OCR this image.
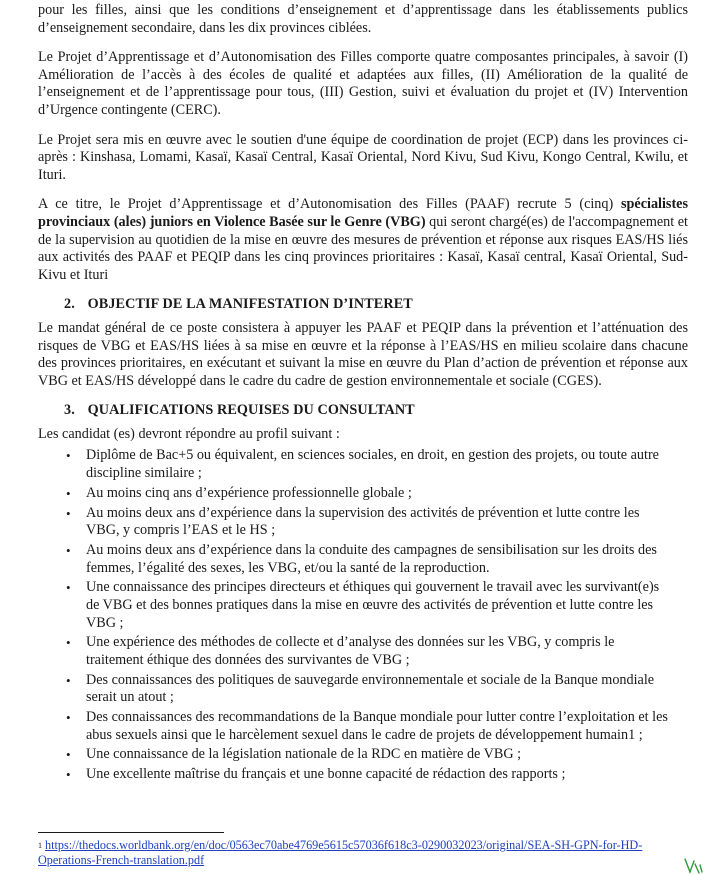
pour les filles, ainsi que les conditions d’enseignement et d’apprentissage dans les établissements publics d’enseignement secondaire, dans les dix provinces ciblées.

Le Projet d’Apprentissage et d’Autonomisation des Filles comporte quatre composantes principales, à savoir (I) Amélioration de l’accès à des écoles de qualité et adaptées aux filles, (II) Amélioration de la qualité de l’enseignement et de l’apprentissage pour tous, (III) Gestion, suivi et évaluation du projet et (IV) Intervention d’Urgence contingente (CERC).

Le Projet sera mis en œuvre avec le soutien d'une équipe de coordination de projet (ECP) dans les provinces ci-après : Kinshasa, Lomami, Kasaï, Kasaï Central, Kasaï Oriental, Nord Kivu, Sud Kivu, Kongo Central, Kwilu, et Ituri.

A ce titre, le Projet d’Apprentissage et d’Autonomisation des Filles (PAAF) recrute 5 (cinq) spécialistes provinciaux (ales) juniors en Violence Basée sur le Genre (VBG) qui seront chargé(es) de l'accompagnement et de la supervision au quotidien de la mise en œuvre des mesures de prévention et réponse aux risques EAS/HS liés aux activités des PAAF et PEQIP dans les cinq provinces prioritaires : Kasaï, Kasaï central, Kasaï Oriental, Sud-Kivu et Ituri

2. OBJECTIF DE LA MANIFESTATION D’INTERET

Le mandat général de ce poste consistera à appuyer les PAAF et PEQIP dans la prévention et l’atténuation des risques de VBG et EAS/HS liées à sa mise en œuvre et la réponse à l’EAS/HS en milieu scolaire dans chacune des provinces prioritaires, en exécutant et suivant la mise en œuvre du Plan d’action de prévention et réponse aux VBG et EAS/HS développé dans le cadre du cadre de gestion environnementale et sociale (CGES).

3. QUALIFICATIONS REQUISES DU CONSULTANT

Les candidat (es) devront répondre au profil suivant :

• Diplôme de Bac+5 ou équivalent, en sciences sociales, en droit, en gestion des projets, ou toute autre discipline similaire ;
• Au moins cinq ans d’expérience professionnelle globale ;
• Au moins deux ans d’expérience dans la supervision des activités de prévention et lutte contre les VBG, y compris l’EAS et le HS ;
• Au moins deux ans d’expérience dans la conduite des campagnes de sensibilisation sur les droits des femmes, l’égalité des sexes, les VBG, et/ou la santé de la reproduction.
• Une connaissance des principes directeurs et éthiques qui gouvernent le travail avec les survivant(e)s de VBG et des bonnes pratiques dans la mise en œuvre des activités de prévention et lutte contre les VBG ;
• Une expérience des méthodes de collecte et d’analyse des données sur les VBG, y compris le traitement éthique des données des survivantes de VBG ;
• Des connaissances des politiques de sauvegarde environnementale et sociale de la Banque mondiale serait un atout ;
• Des connaissances des recommandations de la Banque mondiale pour lutter contre l’exploitation et les abus sexuels ainsi que le harcèlement sexuel dans le cadre de projets de développement humain1 ;
• Une connaissance de la législation nationale de la RDC en matière de VBG ;
• Une excellente maîtrise du français et une bonne capacité de rédaction des rapports ;
$^1$ https://thedocs.worldbank.org/en/doc/0563ec70abe4769e5615c57036f618c3-0290032023/original/SEA-SH-GPN-for-HD-Operations-French-translation.pdf
